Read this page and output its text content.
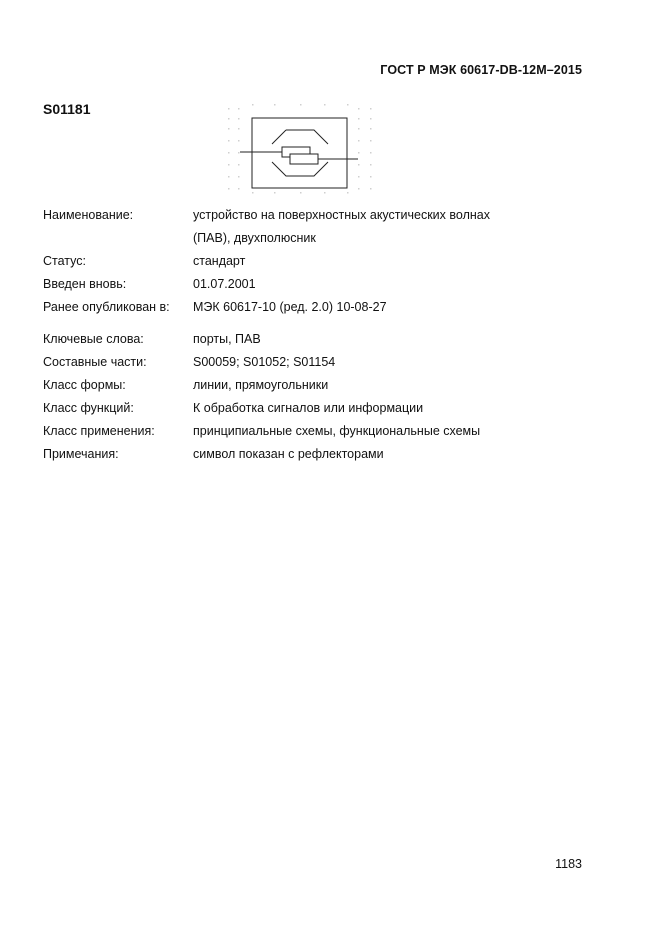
ГОСТ Р МЭК 60617-DB-12M–2015
S01181
Наименование:	устройство на поверхностных акустических волнах
(ПАВ), двухполюсник
Статус:	стандарт
Введен вновь:	01.07.2001
Ранее опубликован в:	МЭК 60617-10 (ред. 2.0) 10-08-27
Ключевые слова:	порты, ПАВ
Составные части:	S00059; S01052; S01154
Класс формы:	линии, прямоугольники
Класс функций:	К обработка сигналов или информации
Класс применения:	принципиальные схемы, функциональные схемы
Примечания:	символ показан с рефлекторами
1183
